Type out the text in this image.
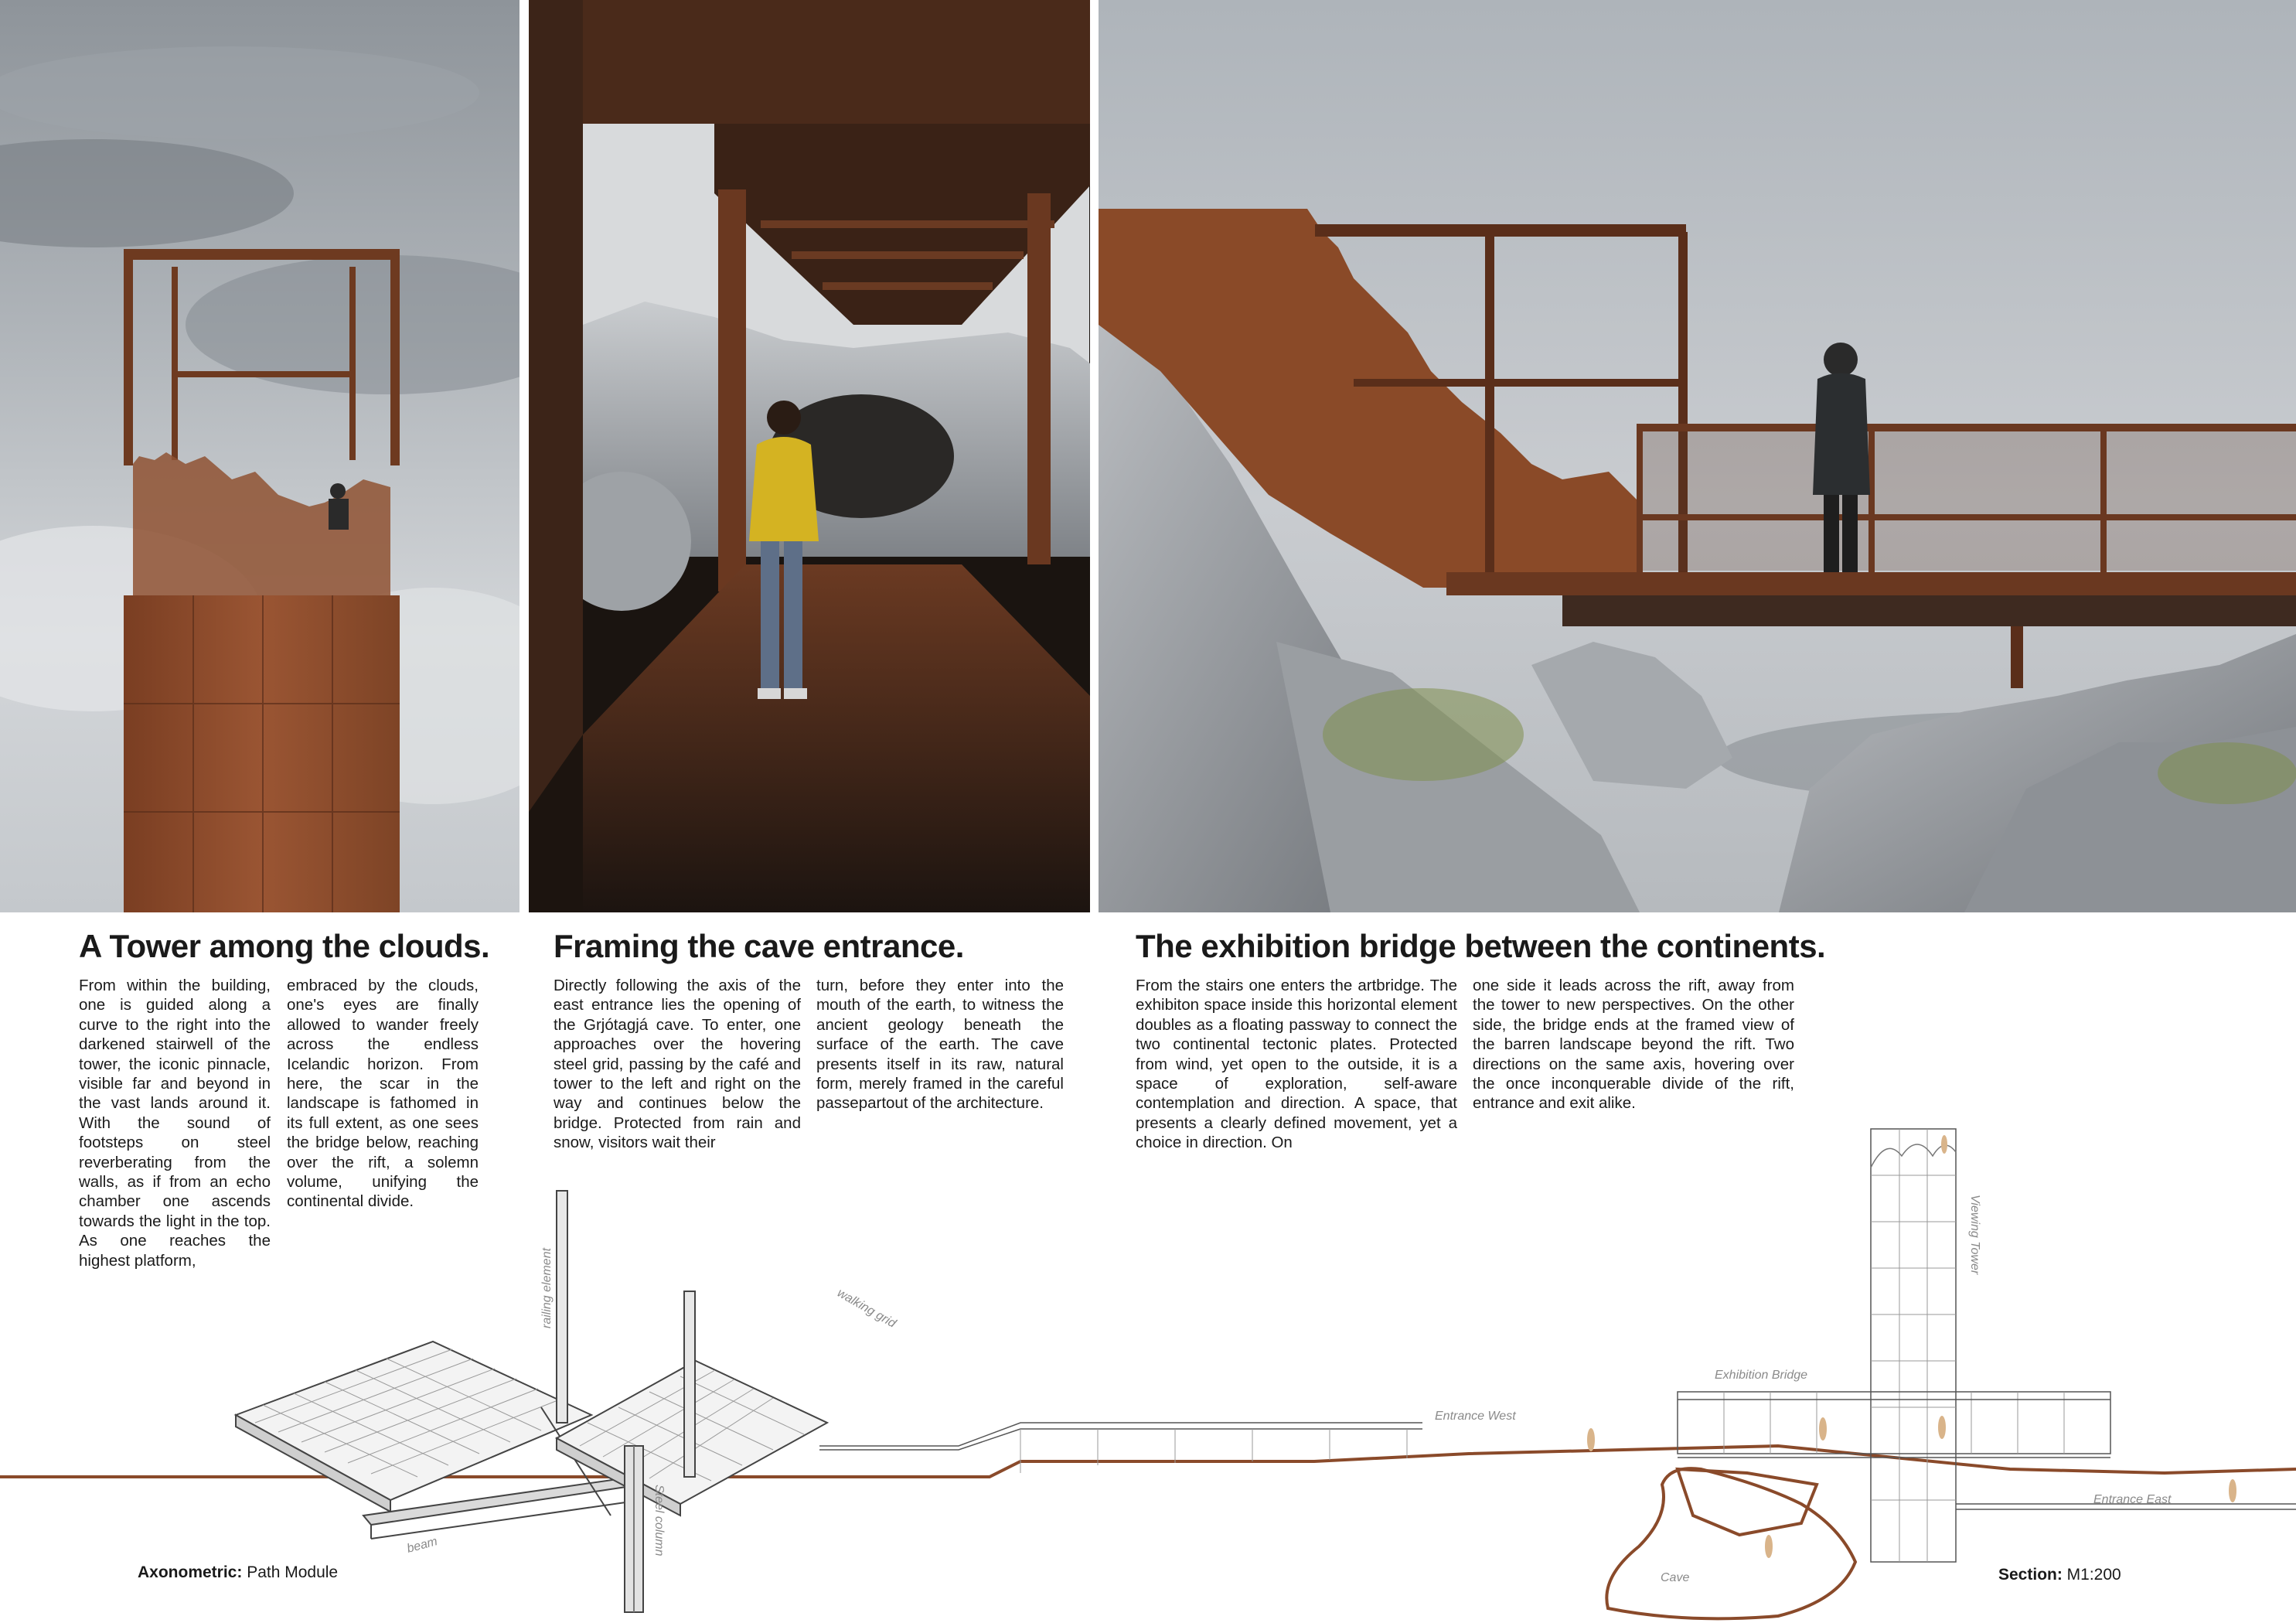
A Tower among the clouds.

From within the building, one is guided along a curve to the right into the darkened stairwell of the tower, the iconic pinnacle, visible far and beyond in the vast lands around it. With the sound of footsteps on steel reverberating from the walls, as if from an echo chamber one ascends towards the light in the top. As one reaches the highest platform,

embraced by the clouds, one's eyes are finally allowed to wander freely across the endless Icelandic horizon. From here, the scar in the landscape is fathomed in its full extent, as one sees the bridge below, reaching over the rift, a solemn volume, unifying the continental divide.

Framing the cave entrance.

Directly following the axis of the east entrance lies the opening of the Grjótagjá cave. To enter, one approaches over the hovering steel grid, passing by the café and tower to the left and right on the way and continues below the bridge. Protected from rain and snow, visitors wait their

turn, before they enter into the mouth of the earth, to witness the ancient geology beneath the surface of the earth. The cave presents itself in its raw, natural form, merely framed in the careful passepartout of the architecture.

The exhibition bridge between the continents.

From the stairs one enters the artbridge. The exhibiton space inside this horizontal element doubles as a floating passway to connect the two continental tectonic plates. Protected from wind, yet open to the outside, it is a space of exploration, self-aware contemplation and direction. A space, that presents a clearly defined movement, yet a choice in direction. On

one side it leads across the rift, away from the tower to new perspectives. On the other side, the bridge ends at the framed view of the barren landscape beyond the rift. Two directions on the same axis, hovering over the once inconquerable divide of the rift, entrance and exit alike.

railing element	walking grid
beam	Steel column
Viewing Tower
Exhibition Bridge
Entrance West
Entrance East
Cave
Axonometric: Path Module	Section: M1:200
